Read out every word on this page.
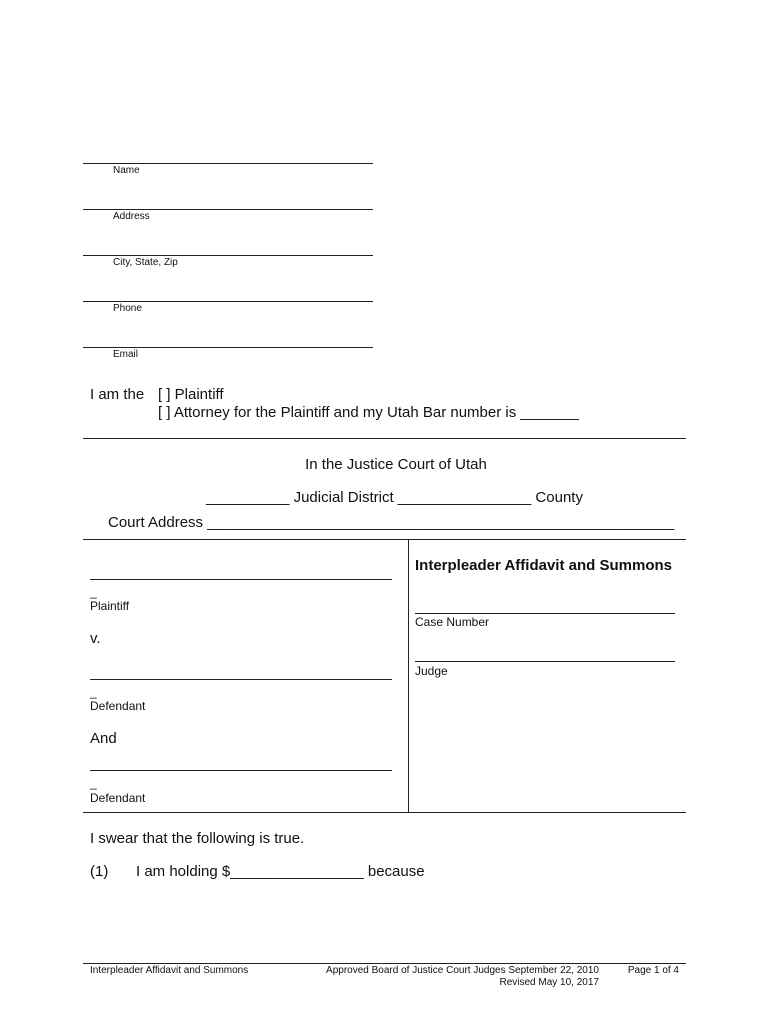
Name
Address
City, State, Zip
Phone
Email
I am the [ ] Plaintiff
[ ] Attorney for the Plaintiff and my Utah Bar number is _______
In the Justice Court of Utah
__________ Judicial District ________________ County
Court Address ________________________________________________________
_
Plaintiff
v.
_
Defendant
And
_
Defendant
Interpleader Affidavit and Summons
Case Number
Judge
I swear that the following is true.
(1) I am holding $________________ because
Interpleader Affidavit and Summons	Approved Board of Justice Court Judges September 22, 2010
Revised May 10, 2017
Page 1 of 4
